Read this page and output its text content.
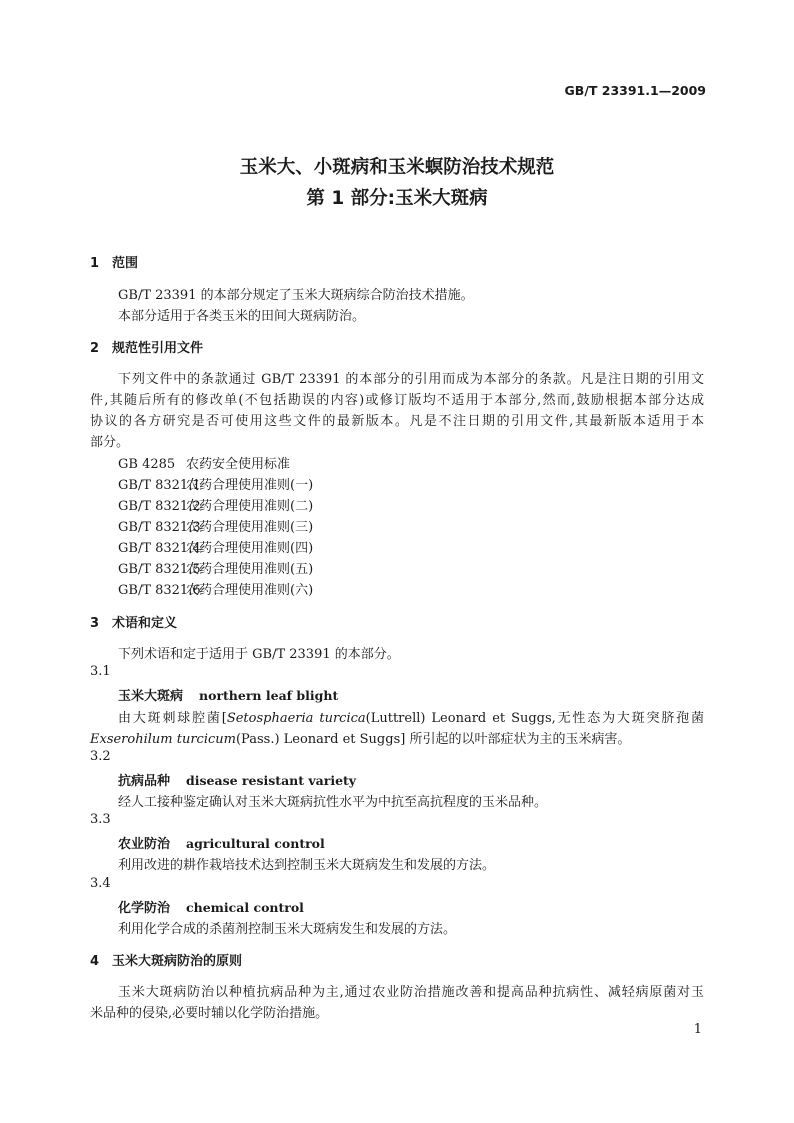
GB/T 23391.1—2009
玉米大、小斑病和玉米螟防治技术规范
第 1 部分:玉米大斑病
1 范围
GB/T 23391 的本部分规定了玉米大斑病综合防治技术措施。
本部分适用于各类玉米的田间大斑病防治。
2 规范性引用文件
下列文件中的条款通过 GB/T 23391 的本部分的引用而成为本部分的条款。凡是注日期的引用文
件,其随后所有的修改单(不包括勘误的内容)或修订版均不适用于本部分,然而,鼓励根据本部分达成
协议的各方研究是否可使用这些文件的最新版本。凡是不注日期的引用文件,其最新版本适用于本
部分。
GB 4285 农药安全使用标准
GB/T 8321.1农药合理使用准则(一)
GB/T 8321.2农药合理使用准则(二)
GB/T 8321.3农药合理使用准则(三)
GB/T 8321.4农药合理使用准则(四)
GB/T 8321.5农药合理使用准则(五)
GB/T 8321.6农药合理使用准则(六)
3 术语和定义
下列术语和定于适用于 GB/T 23391 的本部分。
3.1
玉米大斑病 northern leaf blight
由大斑刺球腔菌[Setosphaeria turcica(Luttrell) Leonard et Suggs,无性态为大斑突脐孢菌
Exserohilum turcicum(Pass.) Leonard et Suggs] 所引起的以叶部症状为主的玉米病害。
3.2
抗病品种 disease resistant variety
经人工接种鉴定确认对玉米大斑病抗性水平为中抗至高抗程度的玉米品种。
3.3
农业防治 agricultural control
利用改进的耕作栽培技术达到控制玉米大斑病发生和发展的方法。
3.4
化学防治 chemical control
利用化学合成的杀菌剂控制玉米大斑病发生和发展的方法。
4 玉米大斑病防治的原则
玉米大斑病防治以种植抗病品种为主,通过农业防治措施改善和提高品种抗病性、减轻病原菌对玉
米品种的侵染,必要时辅以化学防治措施。
1
